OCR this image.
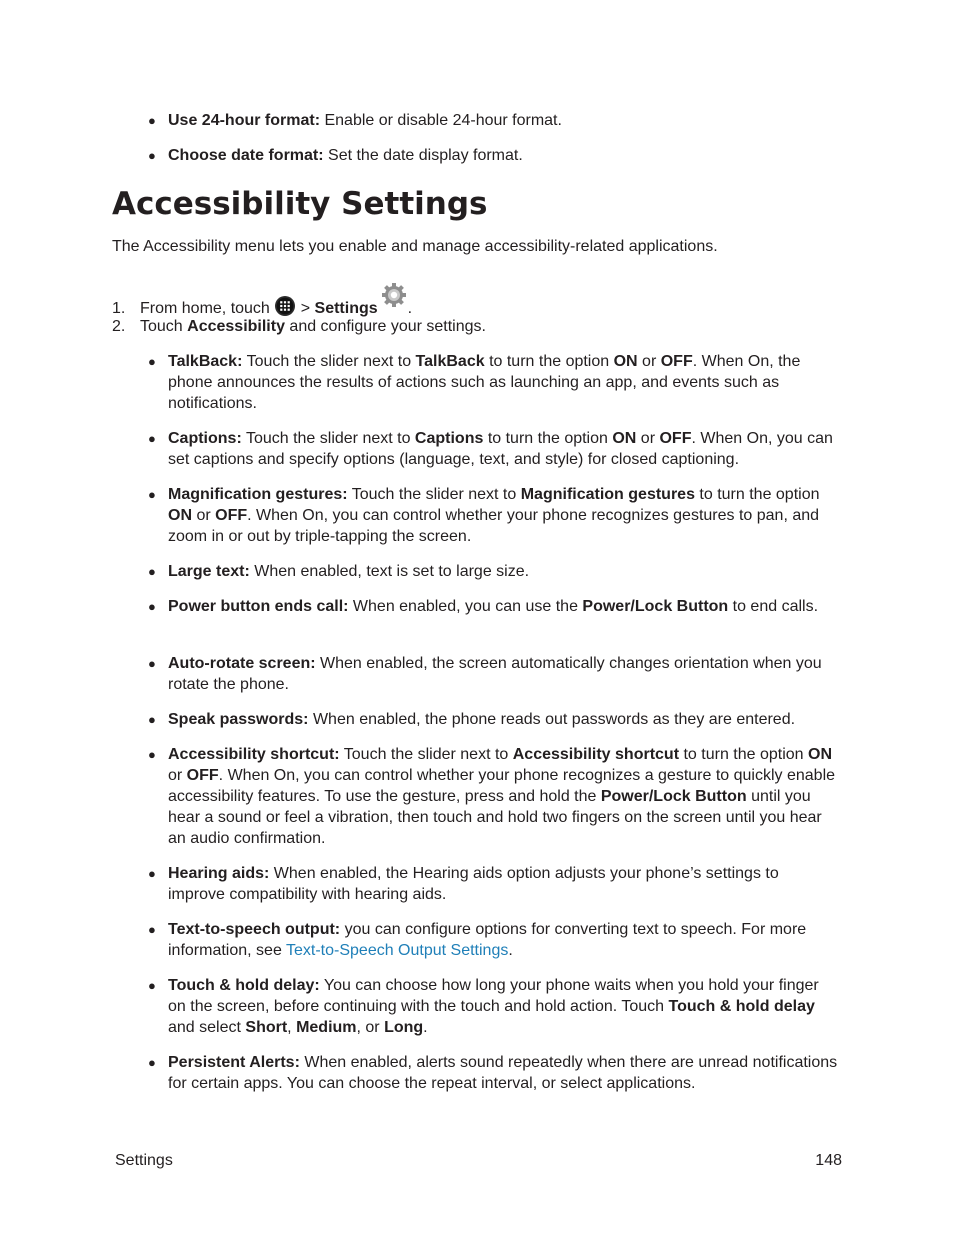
● Use 24-hour format: Enable or disable 24-hour format.
● Choose date format: Set the date display format.
Accessibility Settings
The Accessibility menu lets you enable and manage accessibility-related applications.
1. From home, touch  > Settings .
2. Touch Accessibility and configure your settings.
● TalkBack: Touch the slider next to TalkBack to turn the option ON or OFF. When On, the phone announces the results of actions such as launching an app, and events such as notifications.
● Captions: Touch the slider next to Captions to turn the option ON or OFF. When On, you can set captions and specify options (language, text, and style) for closed captioning.
● Magnification gestures: Touch the slider next to Magnification gestures to turn the option ON or OFF. When On, you can control whether your phone recognizes gestures to pan, and zoom in or out by triple-tapping the screen.
● Large text: When enabled, text is set to large size.
● Power button ends call: When enabled, you can use the Power/Lock Button to end calls.
● Auto-rotate screen: When enabled, the screen automatically changes orientation when you rotate the phone.
● Speak passwords: When enabled, the phone reads out passwords as they are entered.
● Accessibility shortcut: Touch the slider next to Accessibility shortcut to turn the option ON or OFF. When On, you can control whether your phone recognizes a gesture to quickly enable accessibility features. To use the gesture, press and hold the Power/Lock Button until you hear a sound or feel a vibration, then touch and hold two fingers on the screen until you hear an audio confirmation.
● Hearing aids: When enabled, the Hearing aids option adjusts your phone’s settings to improve compatibility with hearing aids.
● Text-to-speech output: you can configure options for converting text to speech. For more information, see Text-to-Speech Output Settings.
● Touch & hold delay: You can choose how long your phone waits when you hold your finger on the screen, before continuing with the touch and hold action. Touch Touch & hold delay and select Short, Medium, or Long.
● Persistent Alerts: When enabled, alerts sound repeatedly when there are unread notifications for certain apps. You can choose the repeat interval, or select applications.
Settings	148
